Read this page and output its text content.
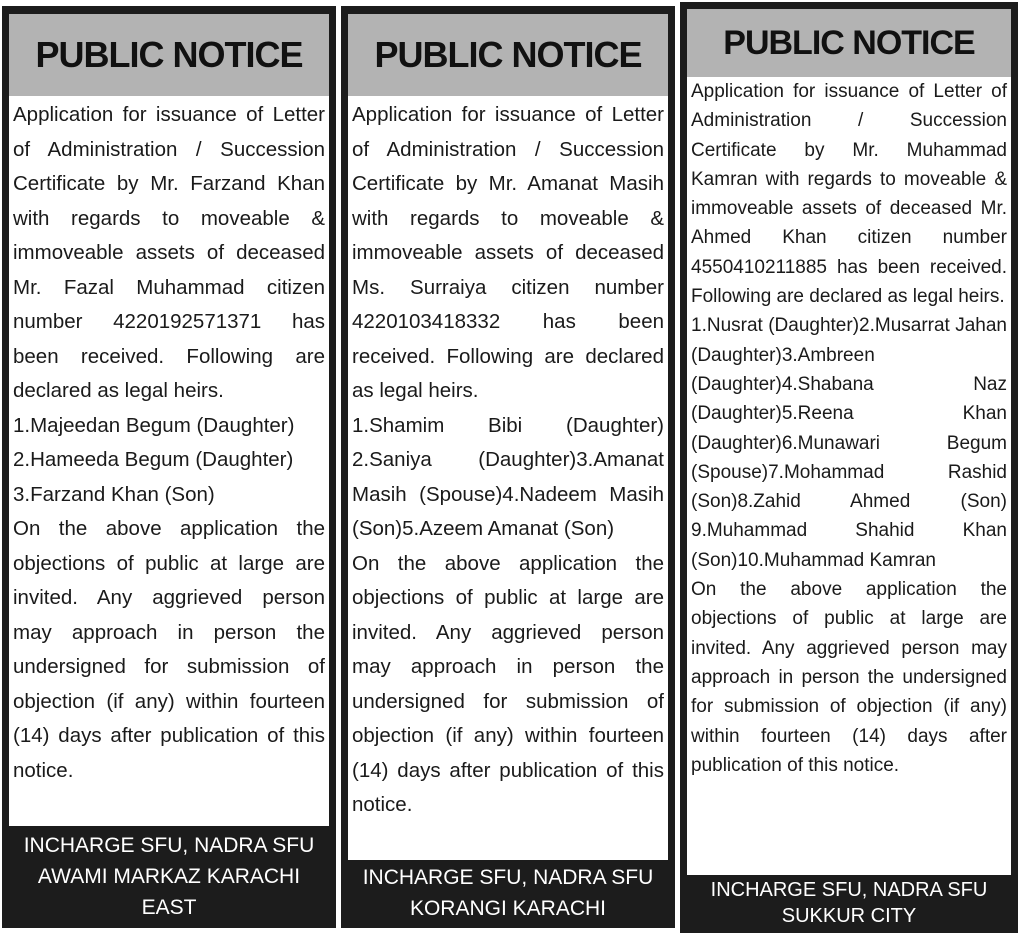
PUBLIC NOTICE

Application for issuance of Letter of Administration / Succession Certificate by Mr. Farzand Khan with regards to moveable & immoveable assets of deceased Mr. Fazal Muhammad citizen number 4220192571371 has been received. Following are declared as legal heirs.

1.Majeedan Begum (Daughter)

2.Hameeda Begum (Daughter)

3.Farzand Khan (Son)

On the above application the objections of public at large are invited. Any aggrieved person may approach in person the undersigned for submission of objection (if any) within fourteen (14) days after publication of this notice.

INCHARGE SFU, NADRA SFU
AWAMI MARKAZ KARACHI
EAST
PUBLIC NOTICE

Application for issuance of Letter of Administration / Succession Certificate by Mr. Amanat Masih with regards to moveable & immoveable assets of deceased Ms. Surraiya citizen number 4220103418332 has been received. Following are declared as legal heirs.

1.Shamim Bibi (Daughter) 2.Saniya (Daughter)3.Amanat Masih (Spouse)4.Nadeem Masih (Son)5.Azeem Amanat (Son)

On the above application the objections of public at large are invited. Any aggrieved person may approach in person the undersigned for submission of objection (if any) within fourteen (14) days after publication of this notice.

INCHARGE SFU, NADRA SFU
KORANGI KARACHI
PUBLIC NOTICE

Application for issuance of Letter of Administration / Succession Certificate by Mr. Muhammad Kamran with regards to moveable & immoveable assets of deceased Mr. Ahmed Khan citizen number 4550410211885 has been received. Following are declared as legal heirs.

1.Nusrat (Daughter)2.Musarrat Jahan (Daughter)3.Ambreen (Daughter)4.Shabana Naz (Daughter)5.Reena Khan (Daughter)6.Munawari Begum (Spouse)7.Mohammad Rashid (Son)8.Zahid Ahmed (Son) 9.Muhammad Shahid Khan (Son)10.Muhammad Kamran

On the above application the objections of public at large are invited. Any aggrieved person may approach in person the undersigned for submission of objection (if any) within fourteen (14) days after publication of this notice.

INCHARGE SFU, NADRA SFU
SUKKUR CITY
